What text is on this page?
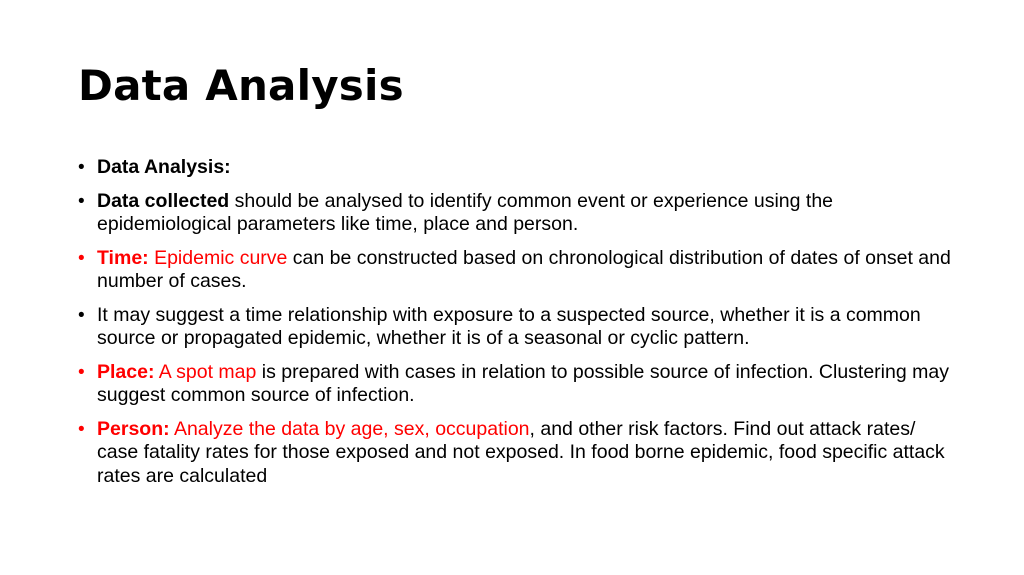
Data Analysis
• Data Analysis:
• Data collected should be analysed to identify common event or experience using the epidemiological parameters like time, place and person.
• Time: Epidemic curve can be constructed based on chronological distribution of dates of onset and number of cases.
• It may suggest a time relationship with exposure to a suspected source, whether it is a common source or propagated epidemic, whether it is of a seasonal or cyclic pattern.
• Place: A spot map is prepared with cases in relation to possible source of infection. Clustering may suggest common source of infection.
• Person: Analyze the data by age, sex, occupation, and other risk factors. Find out attack rates/ case fatality rates for those exposed and not exposed. In food borne epidemic, food specific attack rates are calculated
